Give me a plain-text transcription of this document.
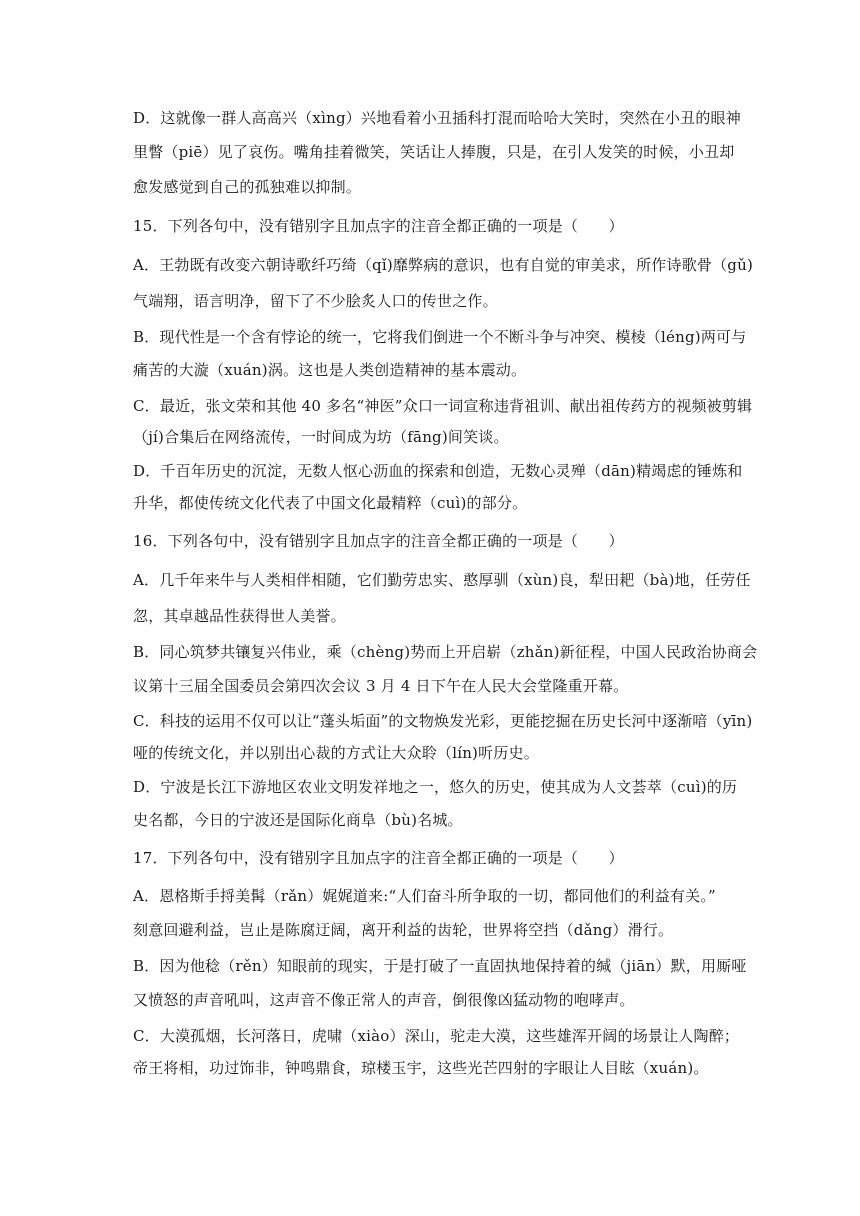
D．这就像一群人高高兴（xìng）兴地看着小丑插科打混而哈哈大笑时，突然在小丑的眼神
里瞥（piē）见了哀伤。嘴角挂着微笑，笑话让人捧腹，只是，在引人发笑的时候，小丑却
愈发感觉到自己的孤独难以抑制。
15．下列各句中，没有错别字且加点字的注音全都正确的一项是（　　）
A．王勃既有改变六朝诗歌纤巧绮（qǐ)靡弊病的意识，也有自觉的审美求，所作诗歌骨（gǔ)
气端翔，语言明净，留下了不少脍炙人口的传世之作。
B．现代性是一个含有悖论的统一，它将我们倒进一个不断斗争与冲突、模棱（léng)两可与
痛苦的大漩（xuán)涡。这也是人类创造精神的基本震动。
C．最近，张文荣和其他 40 多名“神医”众口一词宣称违背祖训、献出祖传药方的视频被剪辑
（jí)合集后在网络流传，一时间成为坊（fāng)间笑谈。
D．千百年历史的沉淀，无数人怄心沥血的探索和创造，无数心灵殚（dān)精竭虑的锤炼和
升华，都使传统文化代表了中国文化最精粹（cuì)的部分。
16．下列各句中，没有错别字且加点字的注音全都正确的一项是（　　）
A．几千年来牛与人类相伴相随，它们勤劳忠实、憨厚驯（xùn)良，犁田耙（bà)地，任劳任
忽，其卓越品性获得世人美誉。
B．同心筑梦共镶复兴伟业，乘（chèng)势而上开启崭（zhǎn)新征程，中国人民政治协商会
议第十三届全国委员会第四次会议 3 月 4 日下午在人民大会堂隆重开幕。
C．科技的运用不仅可以让“蓬头垢面”的文物焕发光彩，更能挖掘在历史长河中逐渐喑（yīn)
哑的传统文化，并以别出心裁的方式让大众聆（lín)听历史。
D．宁波是长江下游地区农业文明发祥地之一，悠久的历史，使其成为人文荟萃（cuì)的历
史名都，今日的宁波还是国际化商阜（bù)名城。
17．下列各句中，没有错别字且加点字的注音全都正确的一项是（　　）
A．恩格斯手捋美髯（rǎn）娓娓道来:“人们奋斗所争取的一切，都同他们的利益有关。”
刻意回避利益，岂止是陈腐迂阔，离开利益的齿轮，世界将空挡（dǎng）滑行。
B．因为他稔（rěn）知眼前的现实，于是打破了一直固执地保持着的缄（jiān）默，用厮哑
又愤怒的声音吼叫，这声音不像正常人的声音，倒很像凶猛动物的咆哮声。
C．大漠孤烟，长河落日，虎啸（xiào）深山，驼走大漠，这些雄浑开阔的场景让人陶醉；
帝王将相，功过饰非，钟鸣鼎食，琼楼玉宇，这些光芒四射的字眼让人目眩（xuán)。
